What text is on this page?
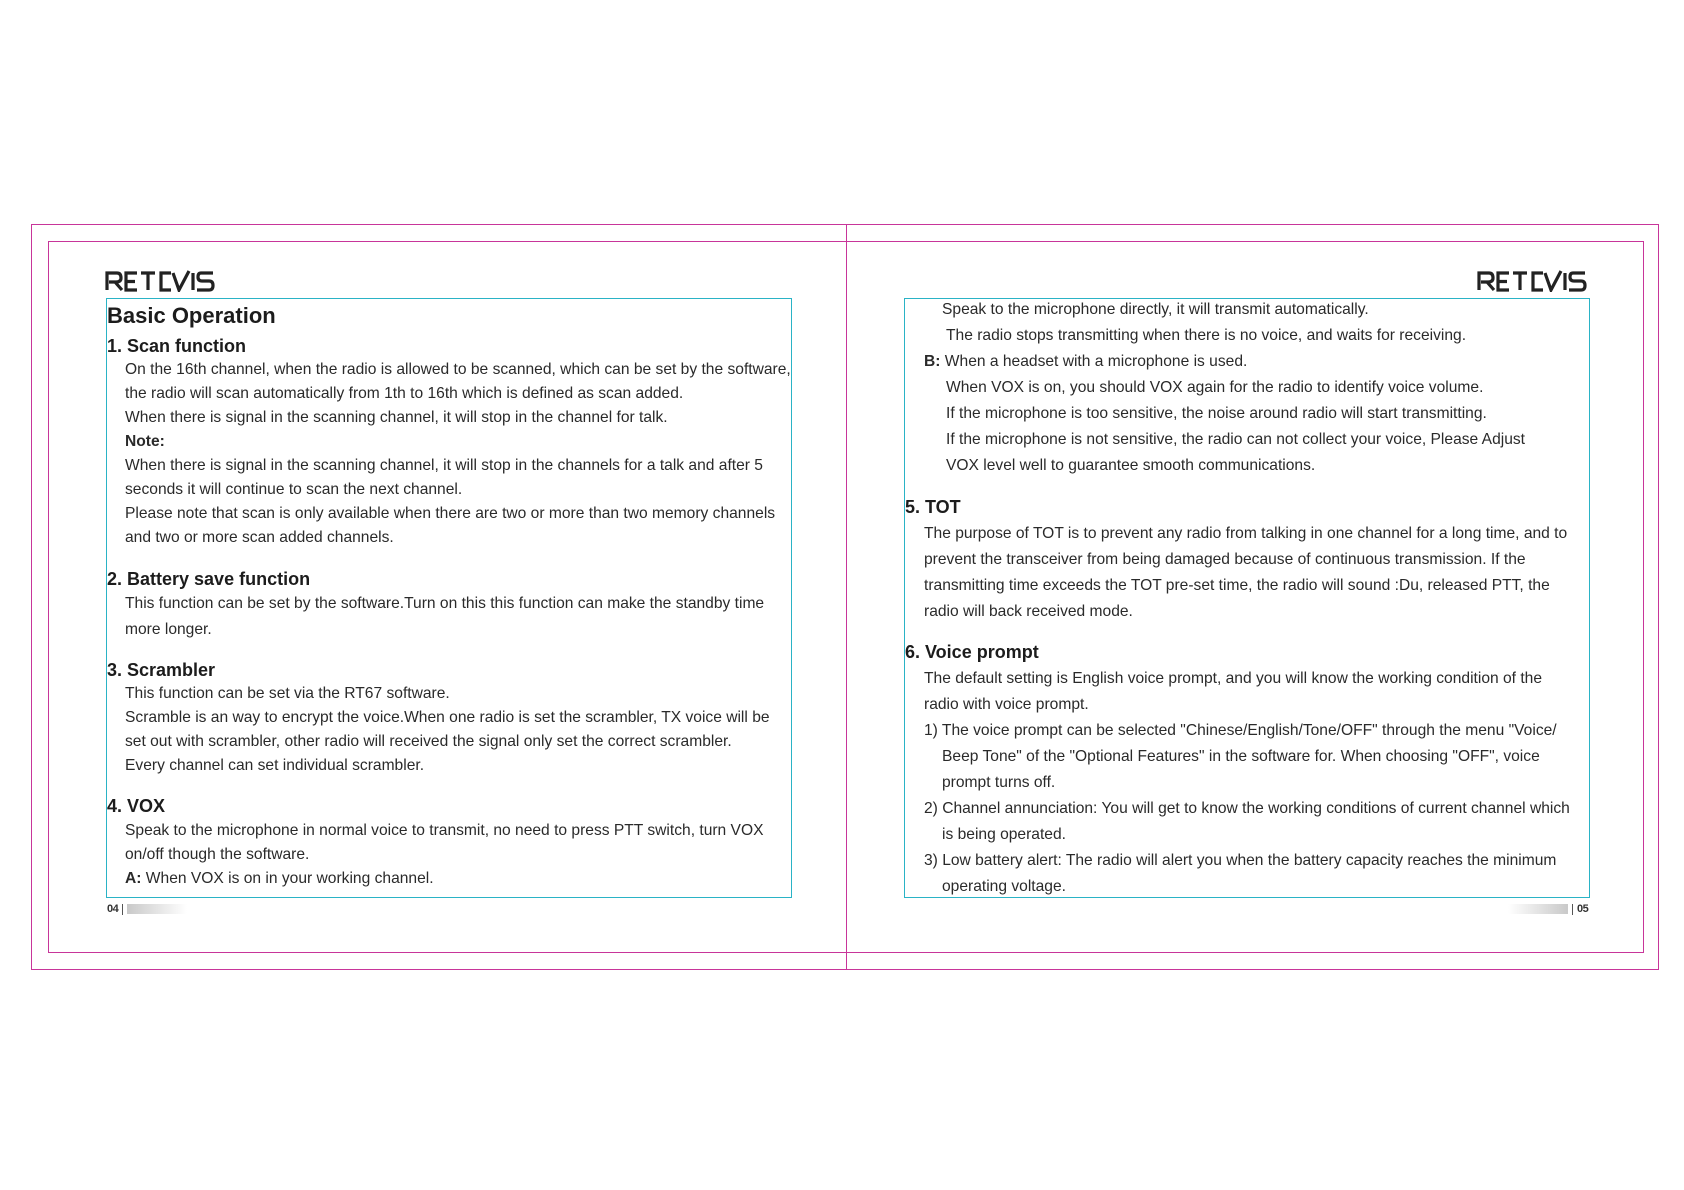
Basic Operation
1. Scan function
On the 16th channel, when the radio is allowed to be scanned, which can be set by the software,
the radio will scan automatically from 1th to 16th which is defined as scan added.
When there is signal in the scanning channel, it will stop in the channel for talk.
Note:
When there is signal in the scanning channel, it will stop in the channels for a talk and after 5
seconds it will continue to scan the next channel.
Please note that scan is only available when there are two or more than two memory channels
and two or more scan added channels.
2. Battery save function
This function can be set by the software.Turn on this this function can make the standby time
more longer.
3. Scrambler
This function can be set via the RT67 software.
Scramble is an way to encrypt the voice.When one radio is set the scrambler, TX voice will be
set out with scrambler, other radio will received the signal only set the correct scrambler.
Every channel can set individual scrambler.
4. VOX
Speak to the microphone in normal voice to transmit, no need to press PTT switch, turn VOX
on/off though the software.
A: When VOX is on in your working channel.
04
Speak to the microphone directly, it will transmit automatically.
The radio stops transmitting when there is no voice, and waits for receiving.
B: When a headset with a microphone is used.
When VOX is on, you should VOX again for the radio to identify voice volume.
If the microphone is too sensitive, the noise around radio will start transmitting.
If the microphone is not sensitive, the radio can not collect your voice, Please Adjust
VOX level well to guarantee smooth communications.
5. TOT
The purpose of TOT is to prevent any radio from talking in one channel for a long time, and to
prevent the transceiver from being damaged because of continuous transmission. If the
transmitting time exceeds the TOT pre-set time, the radio will sound :Du, released PTT, the
radio will back received mode.
6. Voice prompt
The default setting is English voice prompt, and you will know the working condition of the
radio with voice prompt.
1) The voice prompt can be selected "Chinese/English/Tone/OFF" through the menu "Voice/
Beep Tone" of the "Optional Features" in the software for. When choosing "OFF", voice
prompt turns off.
2) Channel annunciation: You will get to know the working conditions of current channel which
is being operated.
3) Low battery alert: The radio will alert you when the battery capacity reaches the minimum
operating voltage.
05
